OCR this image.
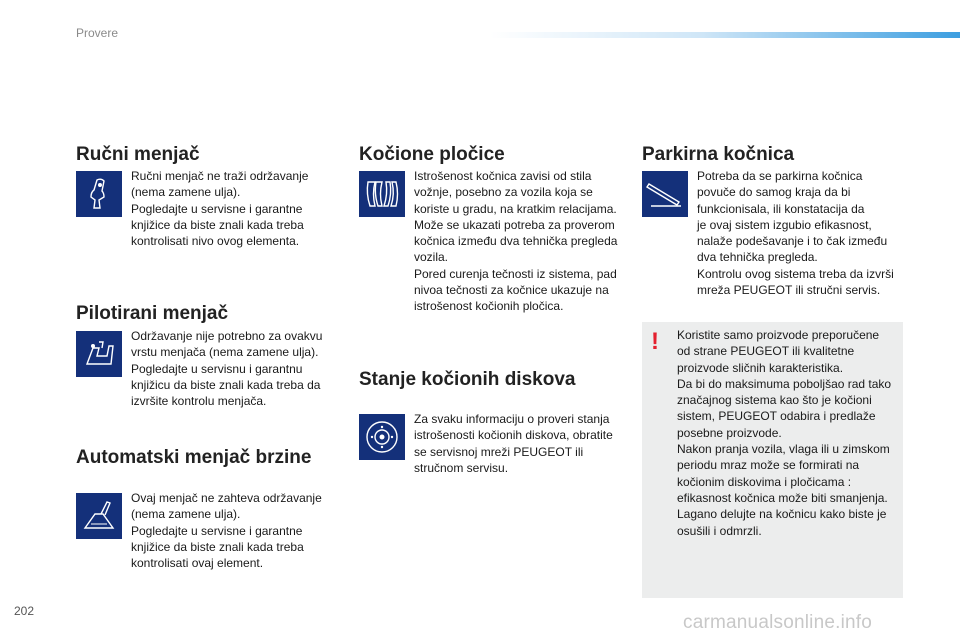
Provere
Ručni menjač

Ručni menjač ne traži održavanje

(nema zamene ulja).

Pogledajte u servisne i garantne

knjižice da biste znali kada treba

kontrolisati nivo ovog elementa.

Pilotirani menjač

Održavanje nije potrebno za ovakvu

vrstu menjača (nema zamene ulja).

Pogledajte u servisnu i garantnu

knjižicu da biste znali kada treba da

izvršite kontrolu menjača.

Automatski menjač brzine

Ovaj menjač ne zahteva održavanje

(nema zamene ulja).

Pogledajte u servisne i garantne

knjižice da biste znali kada treba

kontrolisati ovaj element.

Kočione pločice

Istrošenost kočnica zavisi od stila

vožnje, posebno za vozila koja se

koriste u gradu, na kratkim relacijama.

Može se ukazati potreba za proverom

kočnica između dva tehnička pregleda

vozila.

Pored curenja tečnosti iz sistema, pad

nivoa tečnosti za kočnice ukazuje na

istrošenost kočionih pločica.

Stanje kočionih diskova

Za svaku informaciju o proveri stanja

istrošenosti kočionih diskova, obratite

se servisnoj mreži PEUGEOT ili

stručnom servisu.

Parkirna kočnica

Potreba da se parkirna kočnica

povuče do samog kraja da bi

funkcionisala, ili konstatacija da

je ovaj sistem izgubio efikasnost,

nalaže podešavanje i to čak između

dva tehnička pregleda.

Kontrolu ovog sistema treba da izvrši

mreža PEUGEOT ili stručni servis.

! Koristite samo proizvode preporučene

od strane PEUGEOT ili kvalitetne

proizvode sličnih karakteristika.

Da bi do maksimuma poboljšao rad tako

značajnog sistema kao što je kočioni

sistem, PEUGEOT odabira i predlaže

posebne proizvode.

Nakon pranja vozila, vlaga ili u zimskom

periodu mraz može se formirati na

kočionim diskovima i pločicama :

efikasnost kočnica može biti smanjenja.

Lagano delujte na kočnicu kako biste je

osušili i odmrzli.

202
carmanualsonline.info
